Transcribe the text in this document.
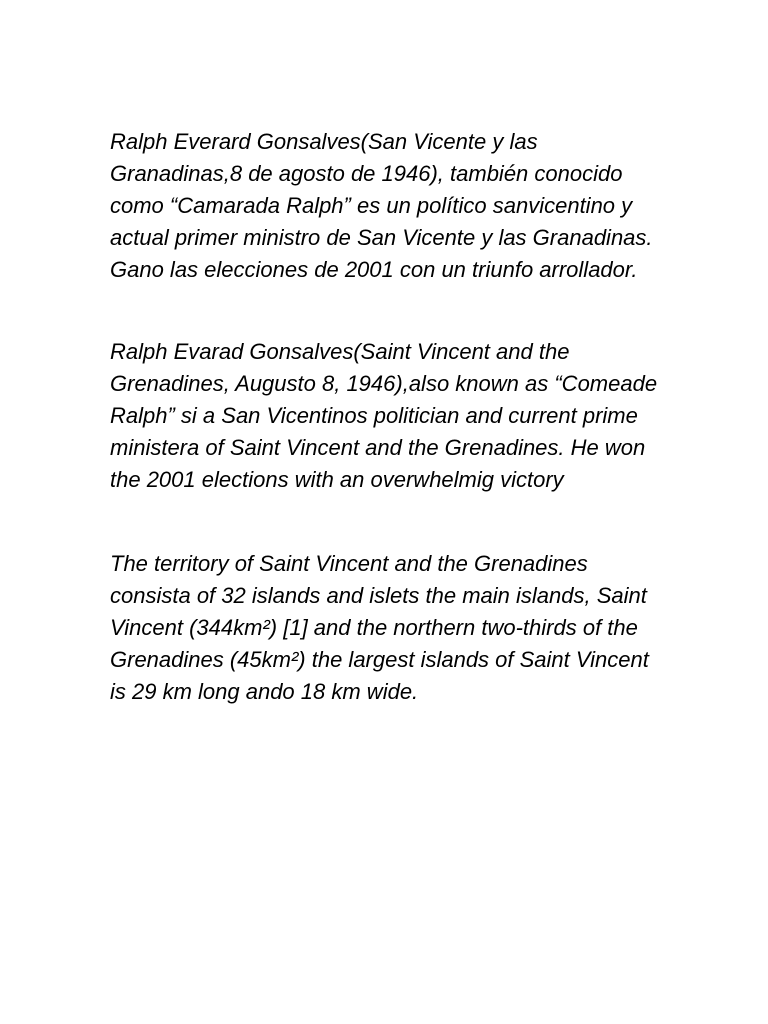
Ralph Everard Gonsalves(San Vicente y las Granadinas,8 de agosto de 1946), también conocido como “Camarada Ralph” es un político sanvicentino y actual primer ministro de San Vicente y las Granadinas. Gano las elecciones de 2001 con un triunfo arrollador.

Ralph Evarad Gonsalves(Saint Vincent and the Grenadines, Augusto 8, 1946),also known as “Comeade Ralph” si a San Vicentinos politician and current prime ministera of Saint Vincent and the Grenadines. He won the 2001 elections with an overwhelmig victory

The territory of Saint Vincent and the Grenadines consista of 32 islands and islets the main islands, Saint Vincent (344km²) [1] and the northern two-thirds of the Grenadines (45km²) the largest islands of Saint Vincent is 29 km long ando 18 km wide.
